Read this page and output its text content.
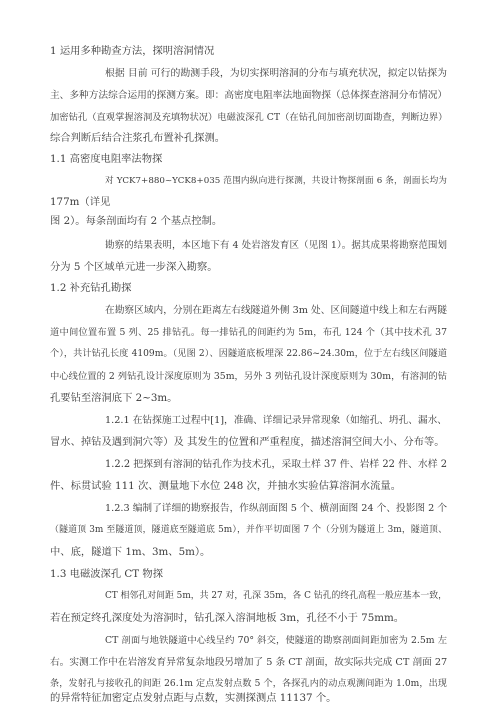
1 运用多种勘查方法，探明溶洞情况
根据 目前 可行的勘测手段，为切实探明溶洞的分布与填充状况，拟定以钻探为
主、多种方法综合运用的探测方案。即：高密度电阻率法地面物探（总体探查溶洞分布情况）
加密钻孔（直观掌握溶洞及充填物状况）电磁波深孔 CT（在钻孔间加密剖切面勘查，判断边界）
综合判断后结合注浆孔布置补孔探测。
1.1 高密度电阻率法物探
对 YCK7+880~YCK8+035 范围内纵向进行探测，共设计物探剖面 6 条，剖面长均为
177m（详见
图 2）。每条剖面均有 2 个基点控制。
勘察的结果表明，本区地下有 4 处岩溶发育区（见图 1）。据其成果将勘察范围划
分为 5 个区域单元进一步深入勘察。
1.2 补充钻孔勘探
在勘察区域内，分别在距离左右线隧道外侧 3m 处、区间隧道中线上和左右两隧
道中间位置布置 5 列、25 排钻孔。每一排钻孔的间距约为 5m，布孔 124 个（其中技术孔 37
个），共计钻孔长度 4109m。（见图 2）、因隧道底板埋深 22.86~24.30m，位于左右线区间隧道
中心线位置的 2 列钻孔设计深度原则为 35m，另外 3 列钻孔设计深度原则为 30m，有溶洞的钻
孔要钻至溶洞底下 2~3m。
1.2.1 在钻探施工过程中[1]，准确、详细记录异常现象（如缩孔、坍孔、漏水、
冒水、掉钻及遇到洞穴等）及 其发生的位置和严重程度，描述溶洞空间大小、分布等。
1.2.2 把探到有溶洞的钻孔作为技术孔，采取土样 37 件、岩样 22 件、水样 2
件、标贯试验 111 次、测量地下水位 248 次，并抽水实验估算溶洞水流量。
1.2.3 编制了详细的勘察报告，作纵剖面图 5 个、横剖面图 24 个、投影图 2 个
（隧道顶 3m 至隧道顶，隧道底至隧道底 5m），并作平切面图 7 个（分别为隧道上 3m，隧道顶、
中、底，隧道下 1m、3m、5m）。
1.3 电磁波深孔 CT 物探
CT 相邻孔对间距 5m，共 27 对，孔深 35m，各 C 钻孔的终孔高程一般应基本一致，
若在预定终孔深度处为溶洞时，钻孔深入溶洞地板 3m，孔径不小于 75mm。
CT 剖面与地铁隧道中心线呈约 70° 斜交，使隧道的勘察剖面间距加密为 2.5m 左
右。实测工作中在岩溶发育异常复杂地段另增加了 5 条 CT 剖面，故实际共完成 CT 剖面 27
条，发射孔与接收孔的间距 26.1m 定点发射点数 5 个，各探孔内的动点观测间距为 1.0m，出现
的异常特征加密定点发射点距与点数，实测探测点 11137 个。
